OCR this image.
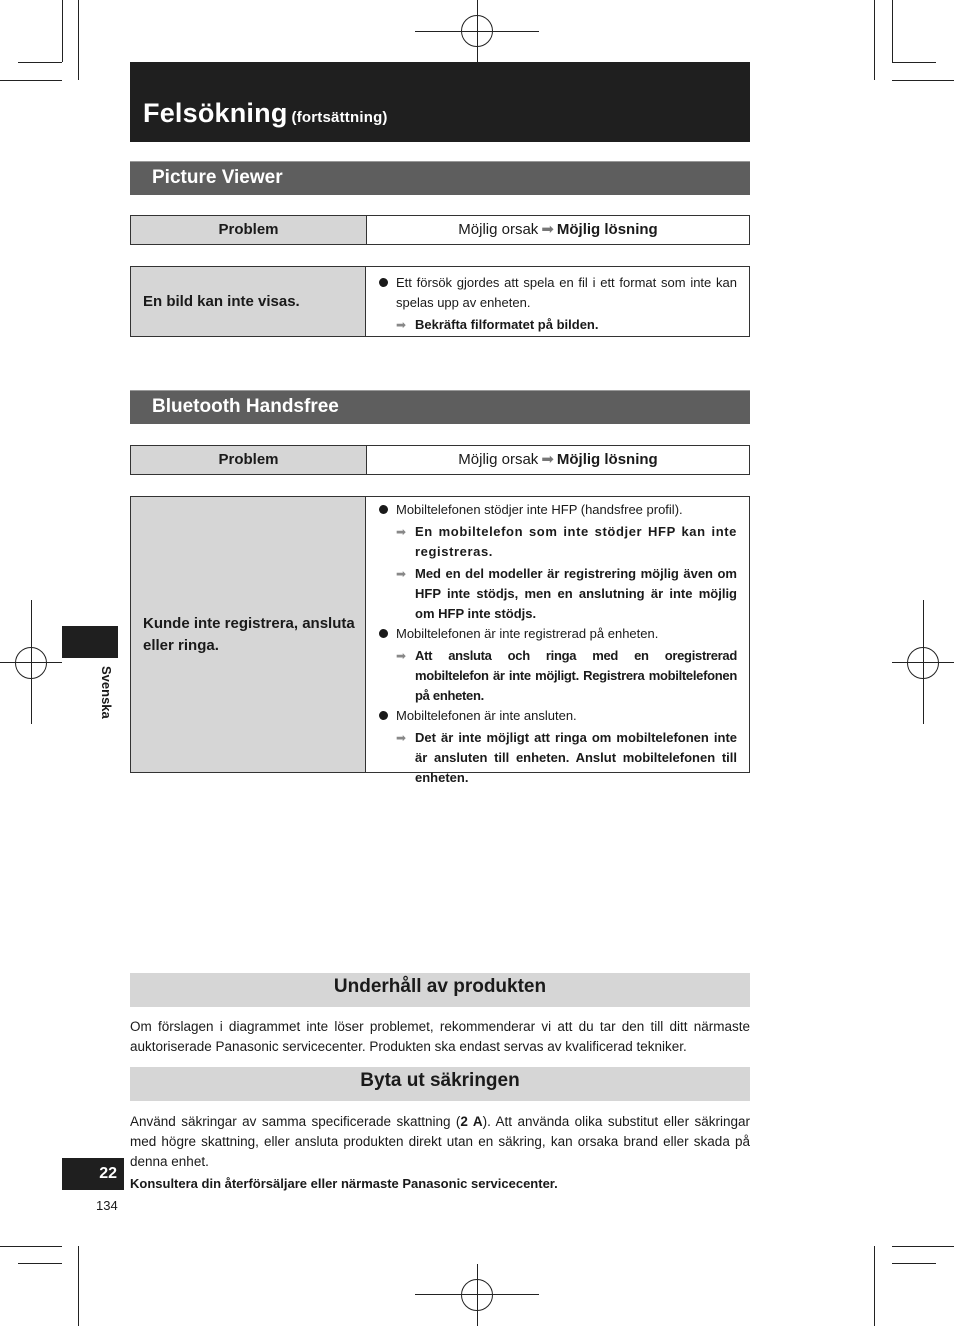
Felsökning (fortsättning)
Picture Viewer
Problem	Möjlig orsak ➡ Möjlig lösning
En bild kan inte visas.
Ett försök gjordes att spela en fil i ett format som inte kan spelas upp av enheten.
➡ Bekräfta filformatet på bilden.
Bluetooth Handsfree
Problem	Möjlig orsak ➡ Möjlig lösning
Kunde inte registrera, ansluta eller ringa.
Mobiltelefonen stödjer inte HFP (handsfree profil).
➡ En mobiltelefon som inte stödjer HFP kan inte registreras.
➡ Med en del modeller är registrering möjlig även om HFP inte stödjs, men en anslutning är inte möjlig om HFP inte stödjs.
Mobiltelefonen är inte registrerad på enheten.
➡ Att ansluta och ringa med en oregistrerad mobiltelefon är inte möjligt. Registrera mobiltelefonen på enheten.
Mobiltelefonen är inte ansluten.
➡ Det är inte möjligt att ringa om mobiltelefonen inte är ansluten till enheten. Anslut mobiltelefonen till enheten.
Underhåll av produkten
Om förslagen i diagrammet inte löser problemet, rekommenderar vi att du tar den till ditt närmaste auktoriserade Panasonic servicecenter. Produkten ska endast servas av kvalificerad tekniker.
Byta ut säkringen
Använd säkringar av samma specificerade skattning (2 A). Att använda olika substitut eller säkringar med högre skattning, eller ansluta produkten direkt utan en säkring, kan orsaka brand eller skada på denna enhet.
Konsultera din återförsäljare eller närmaste Panasonic servicecenter.
Svenska
22
134
